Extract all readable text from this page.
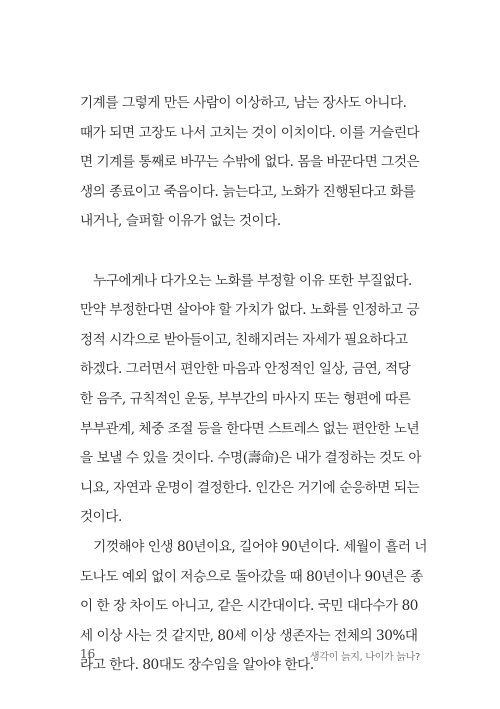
기계를 그렇게 만든 사람이 이상하고, 남는 장사도 아니다.
때가 되면 고장도 나서 고치는 것이 이치이다. 이를 거슬린다
면 기계를 통째로 바꾸는 수밖에 없다. 몸을 바꾼다면 그것은
생의 종료이고 죽음이다. 늙는다고, 노화가 진행된다고 화를
내거나, 슬퍼할 이유가 없는 것이다.
　누구에게나 다가오는 노화를 부정할 이유 또한 부질없다.
만약 부정한다면 살아야 할 가치가 없다. 노화를 인정하고 긍
정적 시각으로 받아들이고, 친해지려는 자세가 필요하다고
하겠다. 그러면서 편안한 마음과 안정적인 일상, 금연, 적당
한 음주, 규칙적인 운동, 부부간의 마사지 또는 형편에 따른
부부관계, 체중 조절 등을 한다면 스트레스 없는 편안한 노년
을 보낼 수 있을 것이다. 수명(壽命)은 내가 결정하는 것도 아
니요, 자연과 운명이 결정한다. 인간은 거기에 순응하면 되는
것이다.
　기껏해야 인생 80년이요, 길어야 90년이다. 세월이 흘러 너
도나도 예외 없이 저승으로 돌아갔을 때 80년이나 90년은 종
이 한 장 차이도 아니고, 같은 시간대이다. 국민 대다수가 80
세 이상 사는 것 같지만, 80세 이상 생존자는 전체의 30%대
라고 한다. 80대도 장수임을 알아야 한다.
16	생각이 늙지, 나이가 늙나?
